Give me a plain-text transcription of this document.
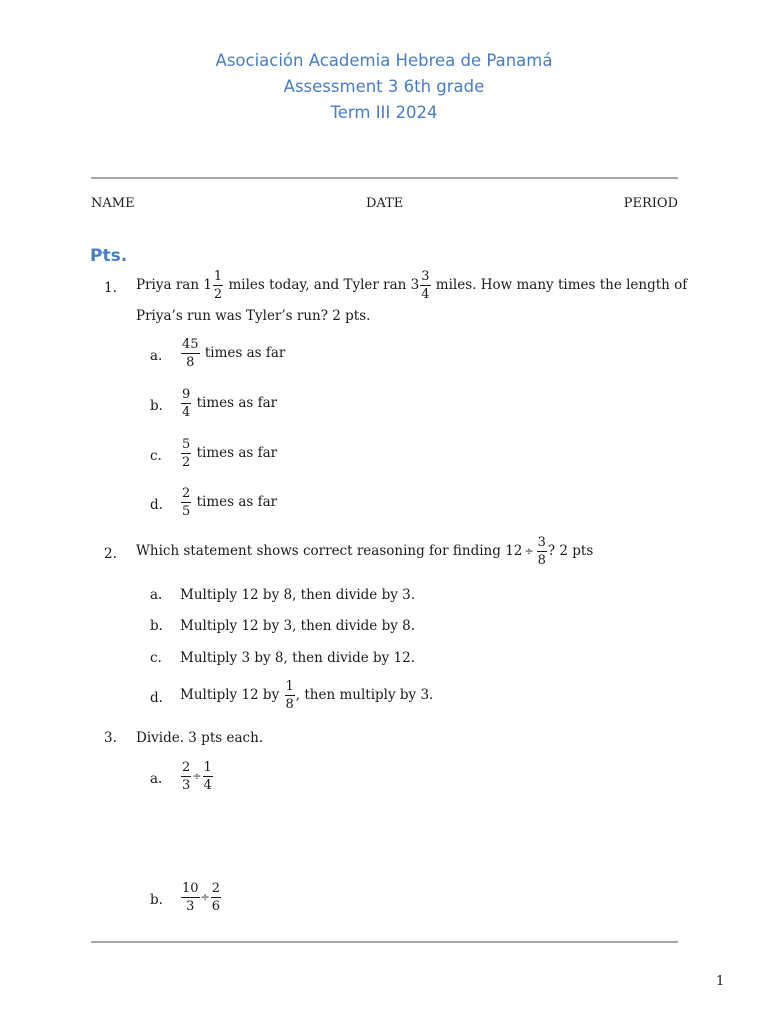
Asociación Academia Hebrea de Panamá
Assessment 3 6th grade
Term III 2024
NAME	DATE	PERIOD
Pts.
1. Priya ran $1 \frac{1}{2}$ miles today, and Tyler ran $3 \frac{3}{4}$ miles. How many times the length of
Priya’s run was Tyler’s run? 2 pts.
a. $\frac{45}{8}$ times as far
b. $\frac{9}{4}$ times as far
c. $\frac{5}{2}$ times as far
d. $\frac{2}{5}$ times as far
2. Which statement shows correct reasoning for finding $12 \div \frac{3}{8}$ ? 2 pts
a. Multiply 12 by 8, then divide by 3.
b. Multiply 12 by 3, then divide by 8.
c. Multiply 3 by 8, then divide by 12.
d. Multiply 12 by $\frac{1}{8}$ , then multiply by 3.
3. Divide. 3 pts each.
a. $\frac{2}{3} \div \frac{1}{4}$
b. $\frac{10}{3} \div \frac{2}{6}$
1
